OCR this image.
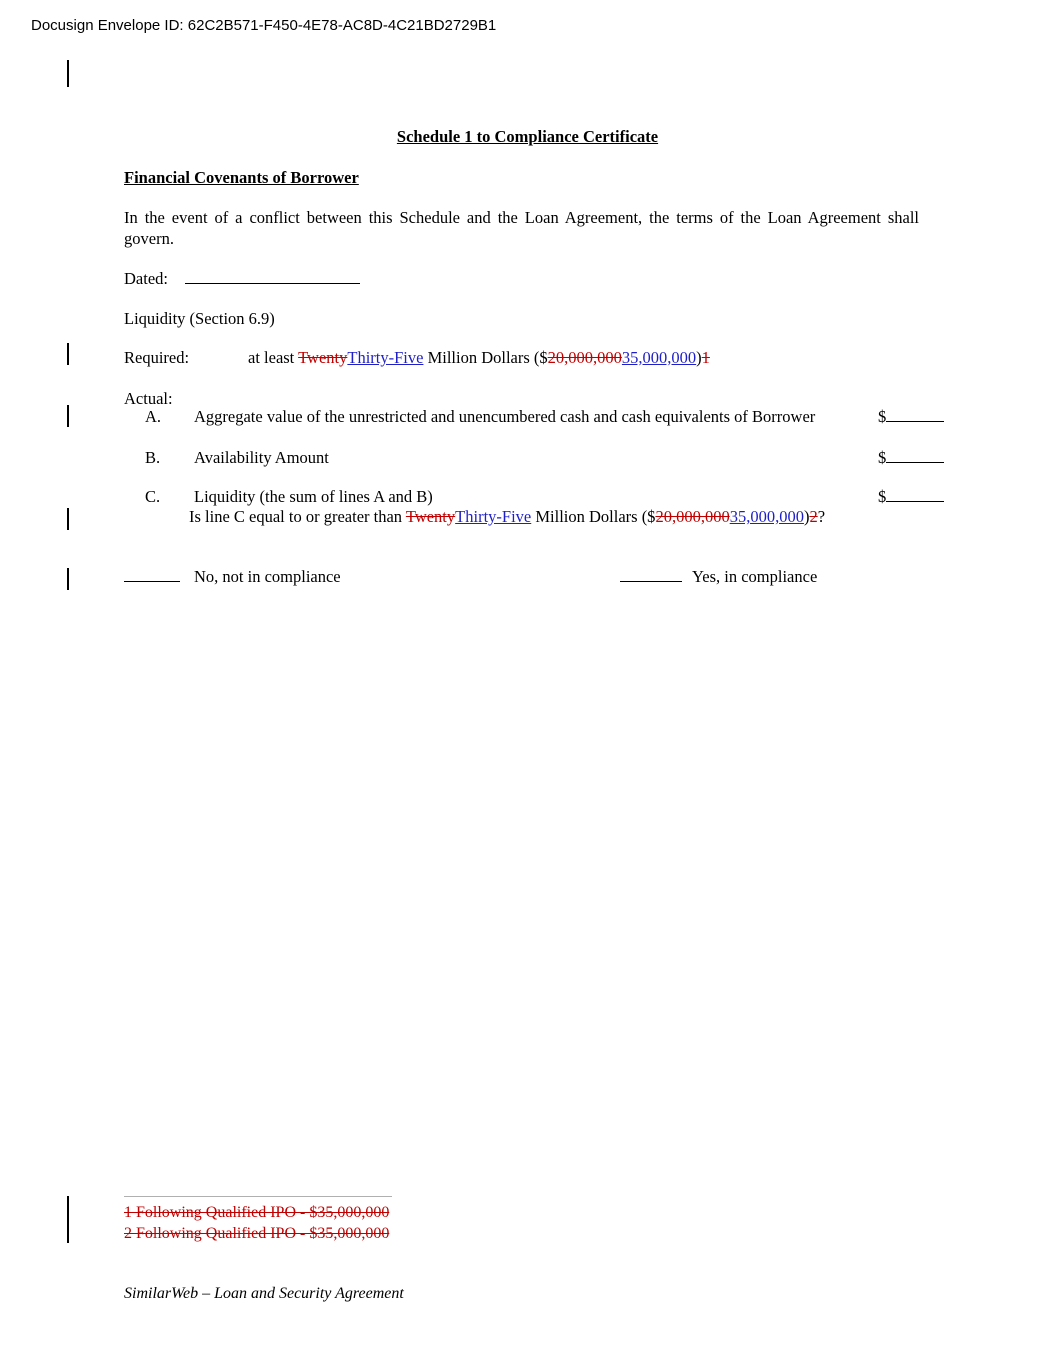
Docusign Envelope ID: 62C2B571-F450-4E78-AC8D-4C21BD2729B1
Schedule 1 to Compliance Certificate
Financial Covenants of Borrower
In the event of a conflict between this Schedule and the Loan Agreement, the terms of the Loan Agreement shall govern.
Dated:
Liquidity (Section 6.9)
Required:	at least TwentyThirty-Five Million Dollars ($20,000,00035,000,000)1
Actual:
A. Aggregate value of the unrestricted and unencumbered cash and cash equivalents of Borrower	$
B. Availability Amount	$
C. Liquidity (the sum of lines A and B)	$
Is line C equal to or greater than TwentyThirty-Five Million Dollars ($20,000,00035,000,000)2?
No, not in compliance	Yes, in compliance
1 Following Qualified IPO - $35,000,000
2 Following Qualified IPO - $35,000,000
SimilarWeb – Loan and Security Agreement
